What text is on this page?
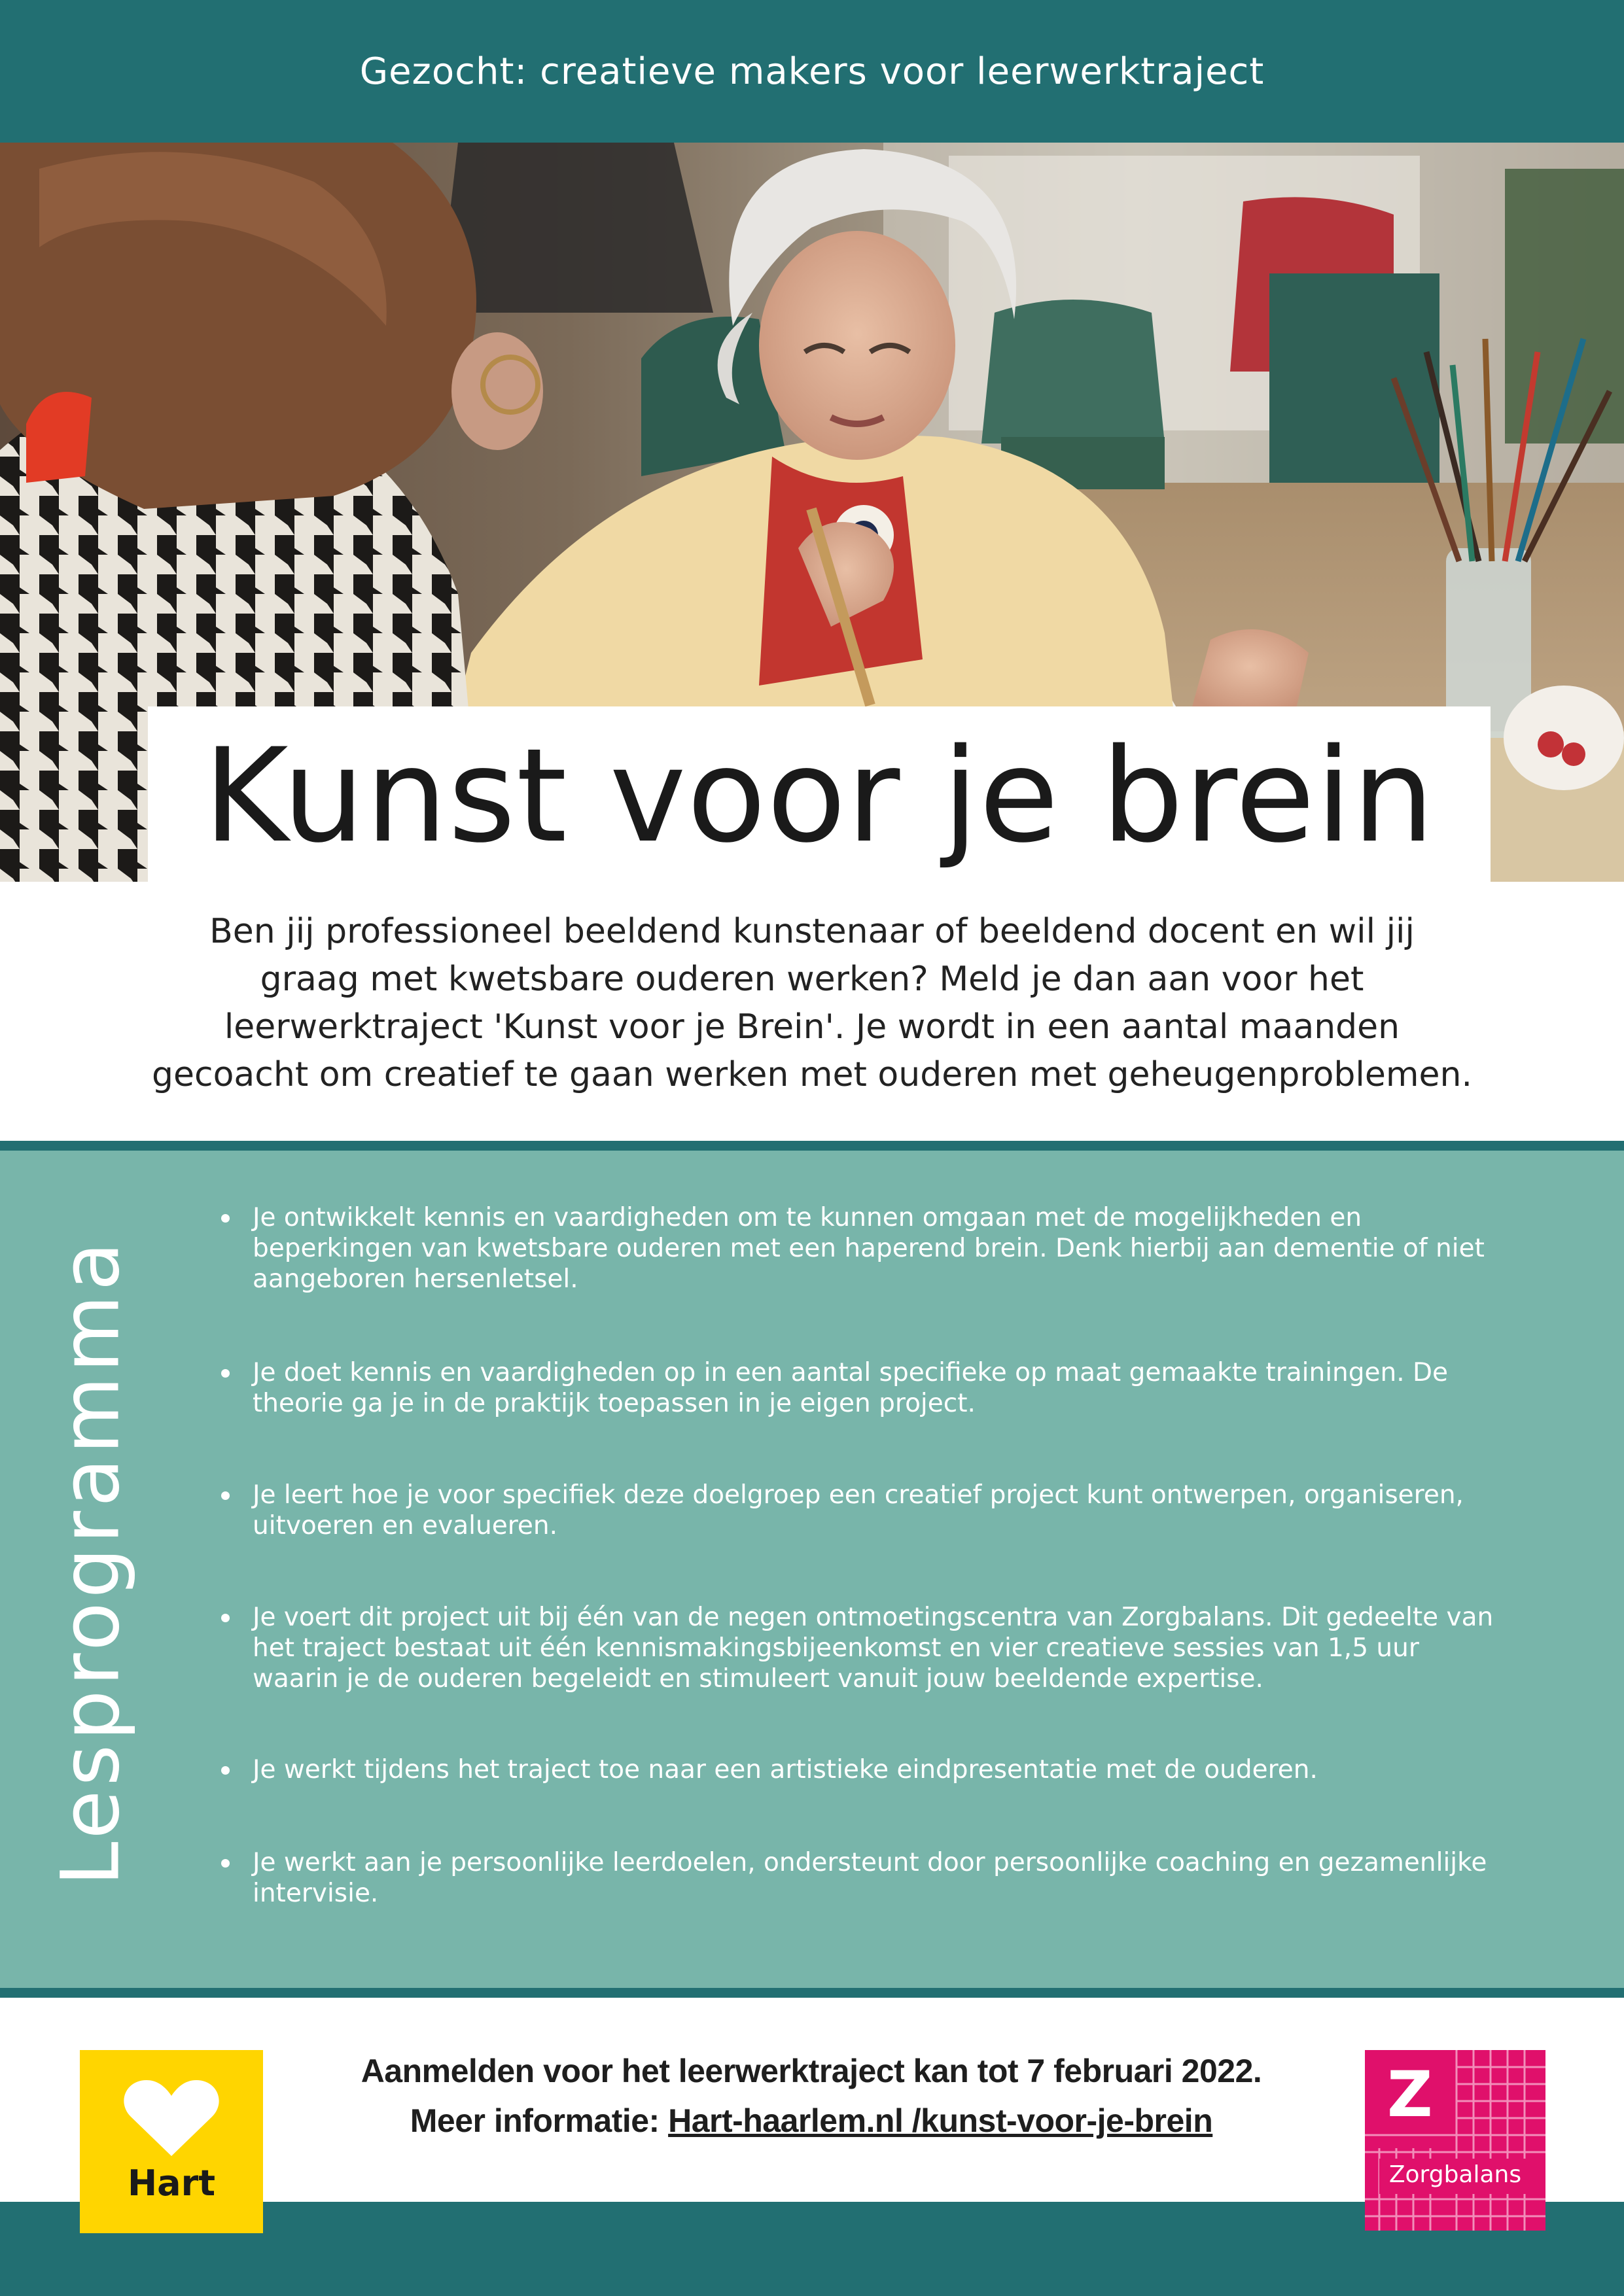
Gezocht: creatieve makers voor leerwerktraject
Kunst voor je brein
Ben jij professioneel beeldend kunstenaar of beeldend docent en wil jij
graag met kwetsbare ouderen werken? Meld je dan aan voor het
leerwerktraject 'Kunst voor je Brein'. Je wordt in een aantal maanden
gecoacht om creatief te gaan werken met ouderen met geheugenproblemen.
Lesprogramma
Je ontwikkelt kennis en vaardigheden om te kunnen omgaan met de mogelijkheden en beperkingen van kwetsbare ouderen met een haperend brein. Denk hierbij aan dementie of niet aangeboren hersenletsel.
Je doet kennis en vaardigheden op in een aantal specifieke op maat gemaakte trainingen. De theorie ga je in de praktijk toepassen in je eigen project.
Je leert hoe je voor specifiek deze doelgroep een creatief project kunt ontwerpen, organiseren, uitvoeren en evalueren.
Je voert dit project uit bij één van de negen ontmoetingscentra van Zorgbalans. Dit gedeelte van het traject bestaat uit één kennismakingsbijeenkomst en vier creatieve sessies van 1,5 uur waarin je de ouderen begeleidt en stimuleert vanuit jouw beeldende expertise.
Je werkt tijdens het traject toe naar een artistieke eindpresentatie met de ouderen.
Je werkt aan je persoonlijke leerdoelen, ondersteunt door persoonlijke coaching en gezamenlijke intervisie.
Hart
Aanmelden voor het leerwerktraject kan tot 7 februari 2022.
Meer informatie: Hart-haarlem.nl /kunst-voor-je-brein	Z
Zorgbalans
